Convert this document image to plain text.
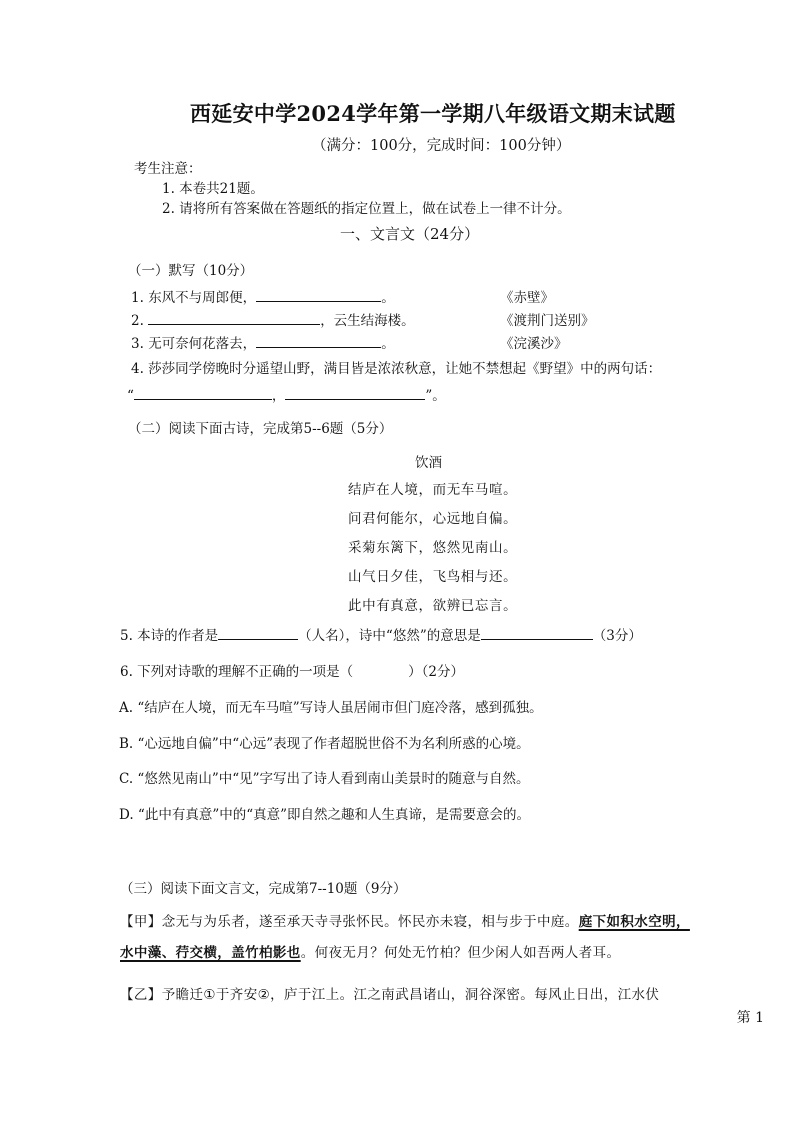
西延安中学2024学年第一学期八年级语文期末试题
（满分：100分，完成时间：100分钟）
考生注意：
1. 本卷共21题。
2. 请将所有答案做在答题纸的指定位置上，做在试卷上一律不计分。
一、文言文（24分）
（一）默写（10分）
1. 东风不与周郎便，	。	《赤壁》
2.	，云生结海楼。	《渡荆门送别》
3. 无可奈何花落去，	。	《浣溪沙》
4. 莎莎同学傍晚时分遥望山野，满目皆是浓浓秋意，让她不禁想起《野望》中的两句话：
“	，	”。
（二）阅读下面古诗，完成第5--6题（5分）
饮酒
结庐在人境，而无车马喧。
问君何能尔，心远地自偏。
采菊东篱下，悠然见南山。
山气日夕佳，飞鸟相与还。
此中有真意，欲辨已忘言。
5. 本诗的作者是	（人名），诗中“悠然”的意思是	（3分）
6. 下列对诗歌的理解不正确的一项是（	）（2分）
A. “结庐在人境，而无车马喧”写诗人虽居闹市但门庭冷落，感到孤独。
B. “心远地自偏”中“心远”表现了作者超脱世俗不为名利所惑的心境。
C. “悠然见南山”中“见”字写出了诗人看到南山美景时的随意与自然。
D. “此中有真意”中的“真意”即自然之趣和人生真谛，是需要意会的。
（三）阅读下面文言文，完成第7--10题（9分）
【甲】念无与为乐者，遂至承天寺寻张怀民。怀民亦未寝，相与步于中庭。庭下如积水空明，
水中藻、荇交横，盖竹柏影也。何夜无月？何处无竹柏？但少闲人如吾两人者耳。
【乙】予瞻迁①于齐安②，庐于江上。江之南武昌诸山，洞谷深密。每风止日出，江水伏
第 1
